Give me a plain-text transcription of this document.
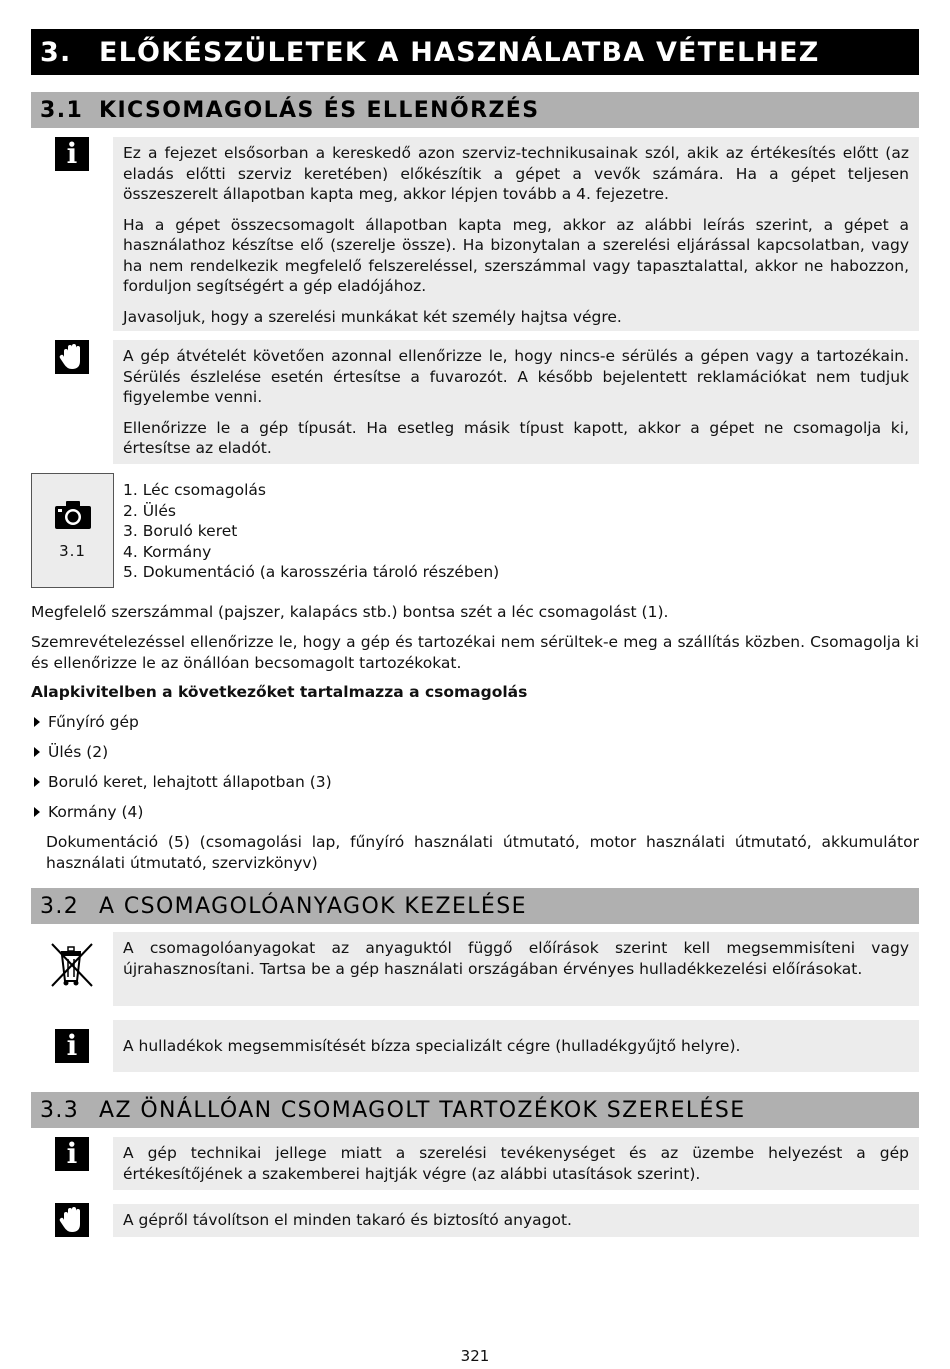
3.	ELŐKÉSZÜLETEK A HASZNÁLATBA VÉTELHEZ
3.1 KICSOMAGOLÁS ÉS ELLENŐRZÉS
i	Ez a fejezet elsősorban a kereskedő azon szerviz-technikusainak szól, akik az értékesítés előtt (az eladás előtti szerviz keretében) előkészítik a gépet a vevők számára. Ha a gépet teljesen összeszerelt állapotban kapta meg, akkor lépjen tovább a 4. fejezetre.

Ha a gépet összecsomagolt állapotban kapta meg, akkor az alábbi leírás szerint, a gépet a használathoz készítse elő (szerelje össze). Ha bizonytalan a szerelési eljárással kapcsolatban, vagy ha nem rendelkezik megfelelő felszereléssel, szerszámmal vagy tapasztalattal, akkor ne habozzon, forduljon segítségért a gép eladójához.

Javasoljuk, hogy a szerelési munkákat két személy hajtsa végre.

A gép átvételét követően azonnal ellenőrizze le, hogy nincs-e sérülés a gépen vagy a tartozékain. Sérülés észlelése esetén értesítse a fuvarozót. A később bejelentett reklamációkat nem tudjuk figyelembe venni.

Ellenőrizze le a gép típusát. Ha esetleg másik típust kapott, akkor a gépet ne csomagolja ki, értesítse az eladót.

3.1
1. Léc csomagolás
2. Ülés
3. Boruló keret
4. Kormány
5. Dokumentáció (a karosszéria tároló részében)
Megfelelő szerszámmal (pajszer, kalapács stb.) bontsa szét a léc csomagolást (1).
Szemrevételezéssel ellenőrizze le, hogy a gép és tartozékai nem sérültek-e meg a szállítás közben. Csomagolja ki és ellenőrizze le az önállóan becsomagolt tartozékokat.
Alapkivitelben a következőket tartalmazza a csomagolás
Fűnyíró gép
Ülés (2)
Boruló keret, lehajtott állapotban (3)
Kormány (4)
Dokumentáció (5) (csomagolási lap, fűnyíró használati útmutató, motor használati útmutató, akkumulátor használati útmutató, szervizkönyv)
3.2 A CSOMAGOLÓANYAGOK KEZELÉSE
A csomagolóanyagokat az anyaguktól függő előírások szerint kell megsemmisíteni vagy újrahasznosítani. Tartsa be a gép használati országában érvényes hulladékkezelési előírásokat.
i	A hulladékok megsemmisítését bízza specializált cégre (hulladékgyűjtő helyre).
3.3 AZ ÖNÁLLÓAN CSOMAGOLT TARTOZÉKOK SZERELÉSE
i	A gép technikai jellege miatt a szerelési tevékenységet és az üzembe helyezést a gép értékesítőjének a szakemberei hajtják végre (az alábbi utasítások szerint).
A gépről távolítson el minden takaró és biztosító anyagot.
321
